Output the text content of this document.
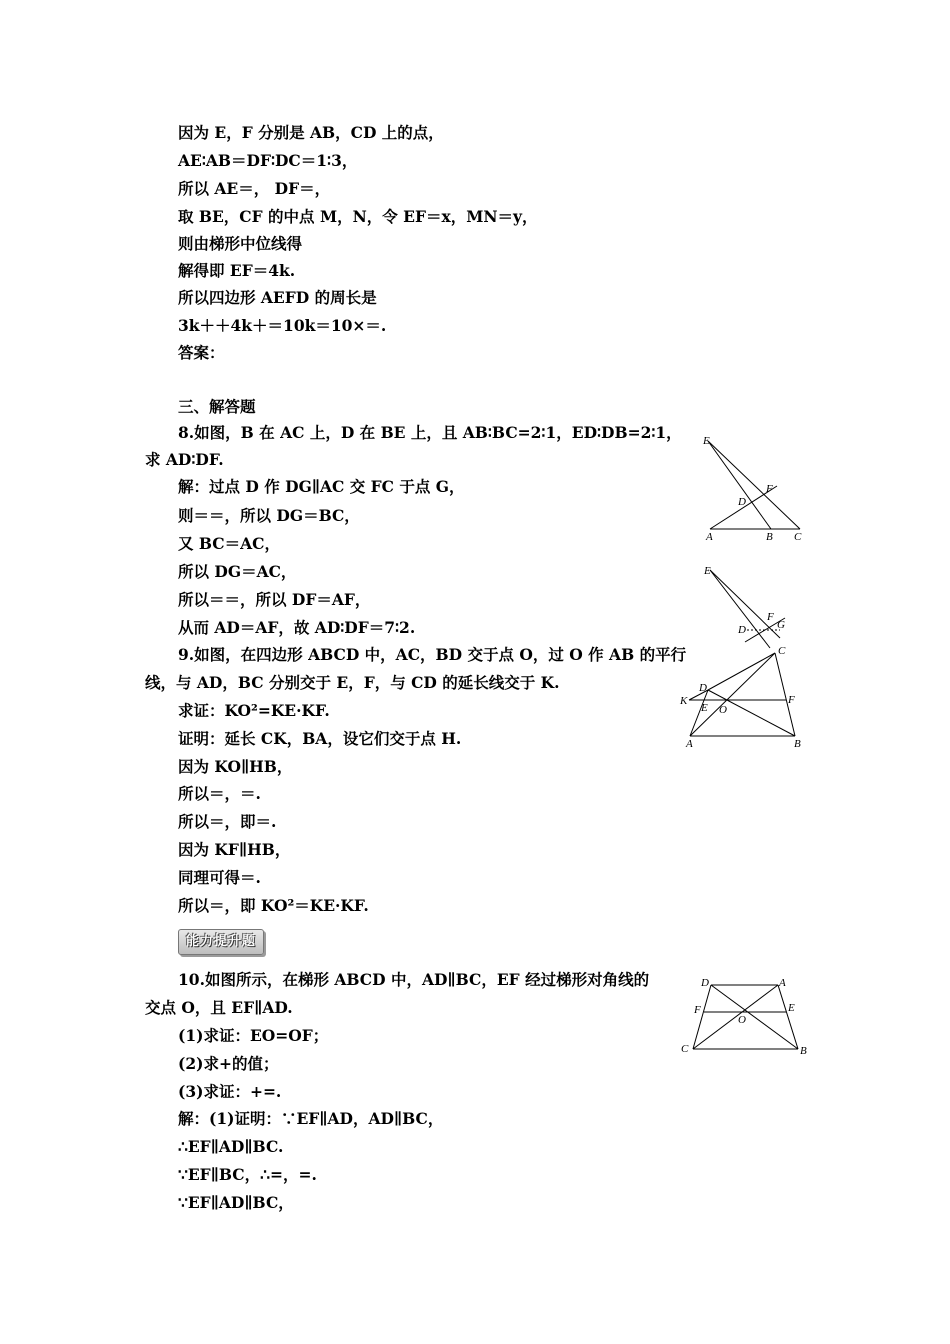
因为 E，F 分别是 AB，CD 上的点，
AE∶AB＝DF∶DC＝1∶3，
所以 AE＝， DF＝，
取 BE，CF 的中点 M，N，令 EF＝x，MN＝y，
则由梯形中位线得
解得即 EF＝4k.
所以四边形 AEFD 的周长是
3k＋＋4k＋＝10k＝10×＝.
答案：
三、解答题
8.如图，B 在 AC 上，D 在 BE 上，且 AB∶BC=2∶1，ED∶DB=2∶1，
求 AD∶DF.
解：过点 D 作 DG∥AC 交 FC 于点 G，
则＝＝，所以 DG＝BC，
又 BC＝AC，
所以 DG＝AC，
所以＝＝，所以 DF＝AF，
从而 AD＝AF，故 AD∶DF＝7∶2.
9.如图，在四边形 ABCD 中，AC，BD 交于点 O，过 O 作 AB 的平行
线，与 AD，BC 分别交于 E，F，与 CD 的延长线交于 K.
求证：KO²=KE·KF.
证明：延长 CK，BA，设它们交于点 H.
因为 KO∥HB，
所以＝，＝.
所以＝，即＝.
因为 KF∥HB，
同理可得＝.
所以＝，即 KO²＝KE·KF.
能力提升题
10.如图所示，在梯形 ABCD 中，AD∥BC，EF 经过梯形对角线的
交点 O，且 EF∥AD.
(1)求证：EO=OF；
(2)求+的值；
(3)求证：+=.
解：(1)证明：∵EF∥AD，AD∥BC，
∴EF∥AD∥BC.
∵EF∥BC，∴=，=.
∵EF∥AD∥BC，
E
F
D
A	B C
E
F
G
D
C
D
K
E O
F
A	B
D	A
F	E
O
C	B
